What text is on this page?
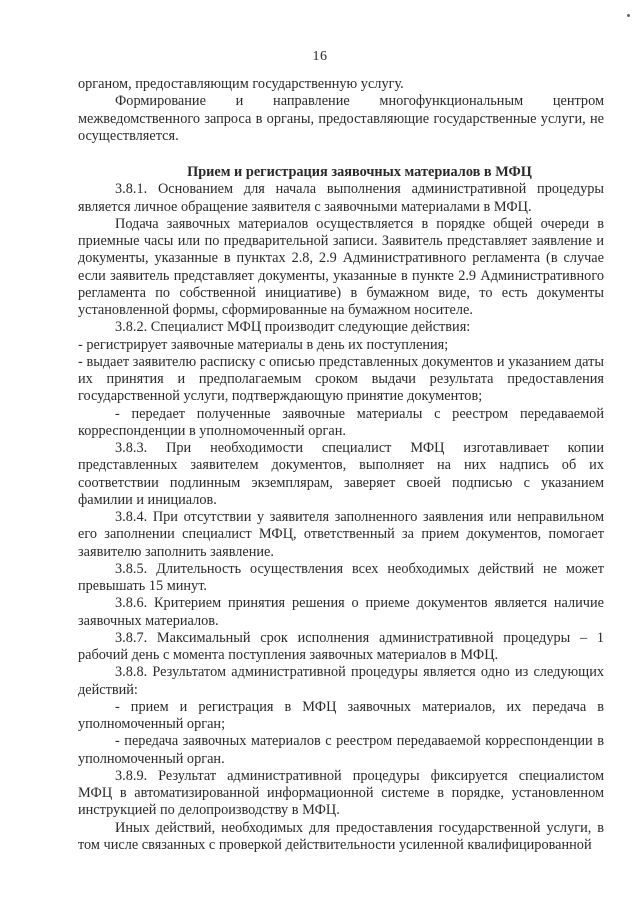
16

органом, предоставляющим государственную услугу.

Формирование и направление многофункциональным центром межведомственного запроса в органы, предоставляющие государственные услуги, не осуществляется.

Прием и регистрация заявочных материалов в МФЦ

3.8.1. Основанием для начала выполнения административной процедуры является личное обращение заявителя с заявочными материалами в МФЦ.

Подача заявочных материалов осуществляется в порядке общей очереди в приемные часы или по предварительной записи. Заявитель представляет заявление и документы, указанные в пунктах 2.8, 2.9 Административного регламента (в случае если заявитель представляет документы, указанные в пункте 2.9 Административного регламента по собственной инициативе) в бумажном виде, то есть документы установленной формы, сформированные на бумажном носителе.

3.8.2. Специалист МФЦ производит следующие действия:

- регистрирует заявочные материалы в день их поступления;

- выдает заявителю расписку с описью представленных документов и указанием даты их принятия и предполагаемым сроком выдачи результата предоставления государственной услуги, подтверждающую принятие документов;

- передает полученные заявочные материалы с реестром передаваемой корреспонденции в уполномоченный орган.

3.8.3. При необходимости специалист МФЦ изготавливает копии представленных заявителем документов, выполняет на них надпись об их соответствии подлинным экземплярам, заверяет своей подписью с указанием фамилии и инициалов.

3.8.4. При отсутствии у заявителя заполненного заявления или неправильном его заполнении специалист МФЦ, ответственный за прием документов, помогает заявителю заполнить заявление.

3.8.5. Длительность осуществления всех необходимых действий не может превышать 15 минут.

3.8.6. Критерием принятия решения о приеме документов является наличие заявочных материалов.

3.8.7. Максимальный срок исполнения административной процедуры – 1 рабочий день с момента поступления заявочных материалов в МФЦ.

3.8.8. Результатом административной процедуры является одно из следующих действий:

- прием и регистрация в МФЦ заявочных материалов, их передача в уполномоченный орган;

- передача заявочных материалов с реестром передаваемой корреспонденции в уполномоченный орган.

3.8.9. Результат административной процедуры фиксируется специалистом МФЦ в автоматизированной информационной системе в порядке, установленном инструкцией по делопроизводству в МФЦ.

Иных действий, необходимых для предоставления государственной услуги, в том числе связанных с проверкой действительности усиленной квалифицированной
